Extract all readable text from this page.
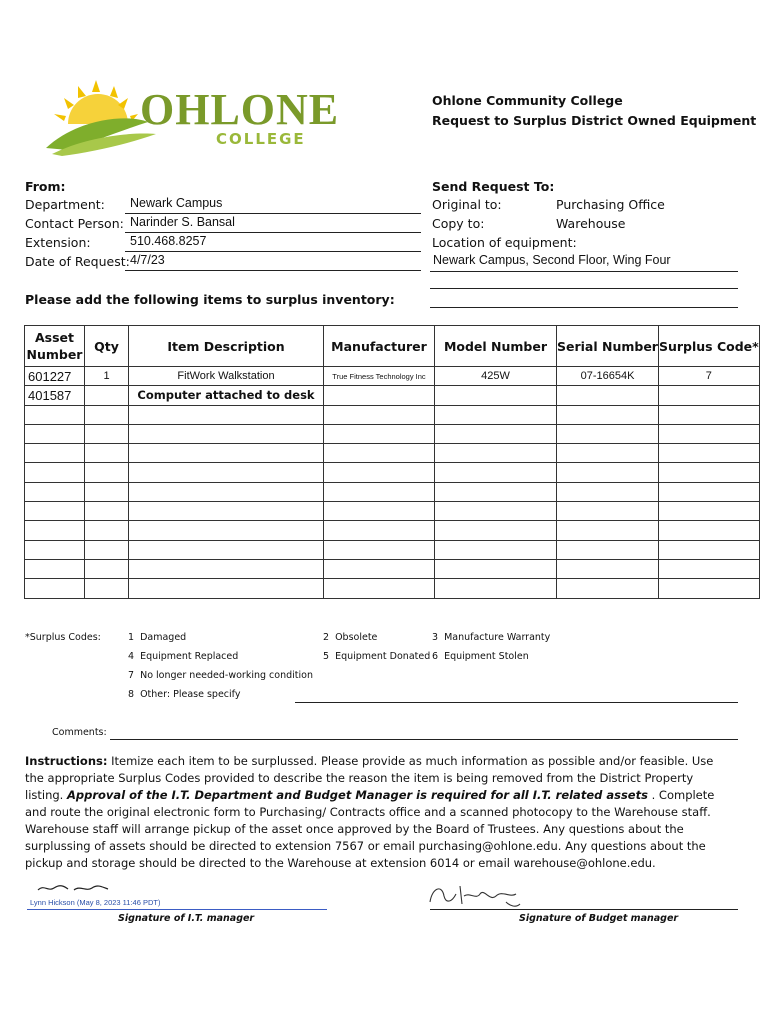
OHLONE
COLLEGE
Ohlone Community College
Request to Surplus District Owned Equipment
From:
Department:	Newark Campus
Contact Person: Narinder S. Bansal
Extension:	510.468.8257
Date of Request: 4/7/23
Send Request To:
Original to:	Purchasing Office
Copy to:	Warehouse
Location of equipment:
Newark Campus, Second Floor, Wing Four
Please add the following items to surplus inventory:
Asset Number	Qty	Item Description	Manufacturer	Model Number	Serial Number	Surplus Code*
601227	1	FitWork Walkstation	True Fitness Technology Inc	425W	07-16654K	7
401587		Computer attached to desk				

*Surplus Codes:	1  Damaged	2  Obsolete	3  Manufacture Warranty
4  Equipment Replaced	5  Equipment Donated 6  Equipment Stolen
7  No longer needed-working condition
8  Other: Please specify
Comments:
Instructions: Itemize each item to be surplussed. Please provide as much information as possible and/or feasible. Use the appropriate Surplus Codes provided to describe the reason the item is being removed from the District Property listing. Approval of the I.T. Department and Budget Manager is required for all I.T. related assets . Complete and route the original electronic form to Purchasing/ Contracts office and a scanned photocopy to the Warehouse staff. Warehouse staff will arrange pickup of the asset once approved by the Board of Trustees. Any questions about the surplussing of assets should be directed to extension 7567 or email purchasing@ohlone.edu. Any questions about the pickup and storage should be directed to the Warehouse at extension 6014 or email warehouse@ohlone.edu.
Lynn Hickson (May 8, 2023 11:46 PDT)
Signature of I.T. manager	Signature of Budget manager
